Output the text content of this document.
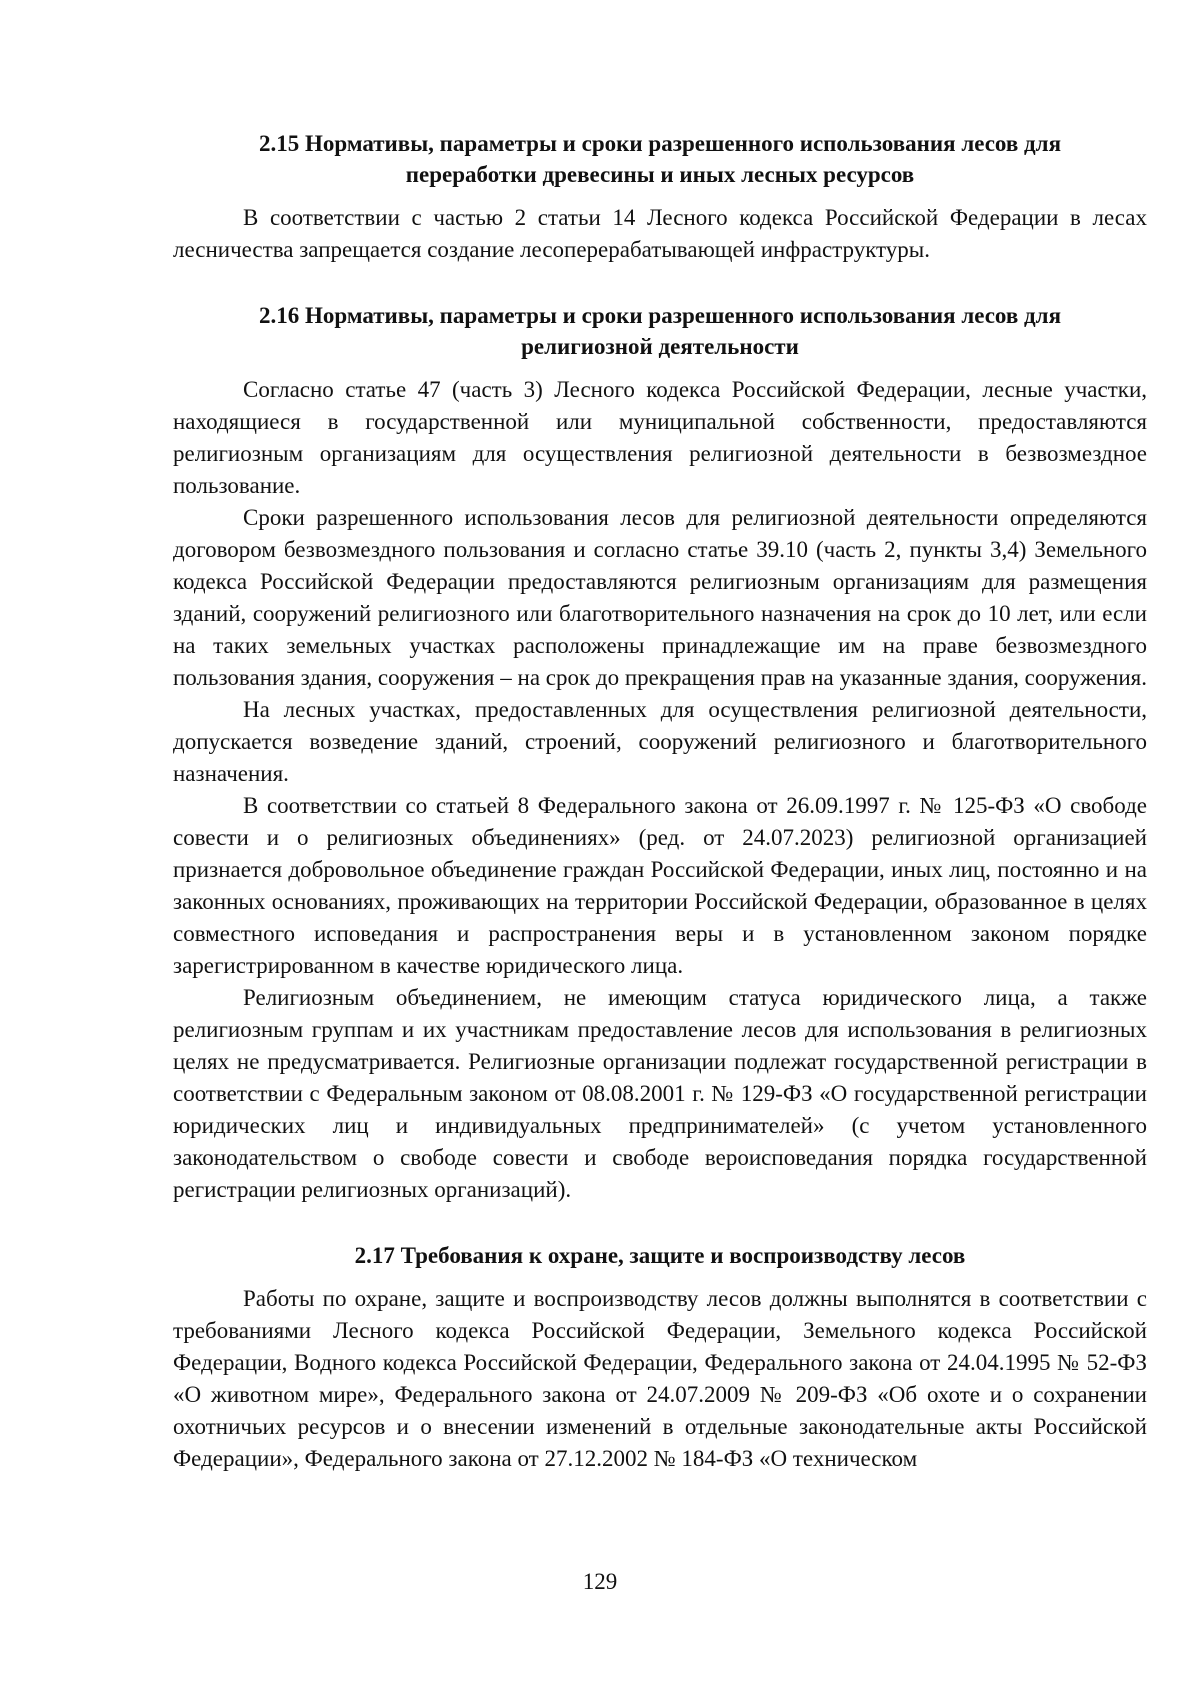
2.15 Нормативы, параметры и сроки разрешенного использования лесов для
переработки древесины и иных лесных ресурсов

В соответствии с частью 2 статьи 14 Лесного кодекса Российской Федерации в лесах лесничества запрещается создание лесоперерабатывающей инфраструктуры.

2.16 Нормативы, параметры и сроки разрешенного использования лесов для
религиозной деятельности

Согласно статье 47 (часть 3) Лесного кодекса Российской Федерации, лесные участки, находящиеся в государственной или муниципальной собственности, предоставляются религиозным организациям для осуществления религиозной деятельности в безвозмездное пользование.

Сроки разрешенного использования лесов для религиозной деятельности определяются договором безвозмездного пользования и согласно статье 39.10 (часть 2, пункты 3,4) Земельного кодекса Российской Федерации предоставляются религиозным организациям для размещения зданий, сооружений религиозного или благотворительного назначения на срок до 10 лет, или если на таких земельных участках расположены принадлежащие им на праве безвозмездного пользования здания, сооружения – на срок до прекращения прав на указанные здания, сооружения.

На лесных участках, предоставленных для осуществления религиозной деятельности, допускается возведение зданий, строений, сооружений религиозного и благотворительного назначения.

В соответствии со статьей 8 Федерального закона от 26.09.1997 г. № 125-ФЗ «О свободе совести и о религиозных объединениях» (ред. от 24.07.2023) религиозной организацией признается добровольное объединение граждан Российской Федерации, иных лиц, постоянно и на законных основаниях, проживающих на территории Российской Федерации, образованное в целях совместного исповедания и распространения веры и в установленном законом порядке зарегистрированном в качестве юридического лица.

Религиозным объединением, не имеющим статуса юридического лица, а также религиозным группам и их участникам предоставление лесов для использования в религиозных целях не предусматривается. Религиозные организации подлежат государственной регистрации в соответствии с Федеральным законом от 08.08.2001 г. № 129-ФЗ «О государственной регистрации юридических лиц и индивидуальных предпринимателей» (с учетом установленного законодательством о свободе совести и свободе вероисповедания порядка государственной регистрации религиозных организаций).

2.17 Требования к охране, защите и воспроизводству лесов

Работы по охране, защите и воспроизводству лесов должны выполнятся в соответствии с требованиями Лесного кодекса Российской Федерации, Земельного кодекса Российской Федерации, Водного кодекса Российской Федерации, Федерального закона от 24.04.1995 № 52-ФЗ «О животном мире», Федерального закона от 24.07.2009 № 209-ФЗ «Об охоте и о сохранении охотничьих ресурсов и о внесении изменений в отдельные законодательные акты Российской Федерации», Федерального закона от 27.12.2002 № 184-ФЗ «О техническом

129
